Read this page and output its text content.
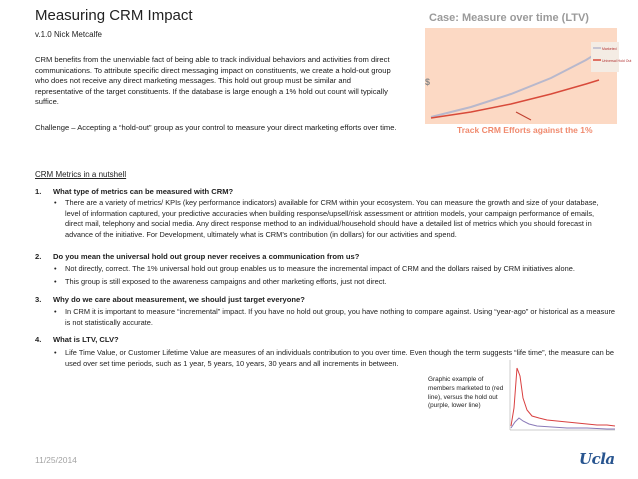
Measuring CRM Impact
v.1.0 Nick Metcalfe
CRM benefits from the unenviable fact of being able to track individual behaviors and activities from direct communications. To attribute specific direct messaging impact on constituents, we create a hold-out group who does not receive any direct marketing messages. This hold out group must be similar and representative of the target constituents. If the database is large enough a 1% hold out count will typically suffice.
Challenge – Accepting a “hold-out” group as your control to measure your direct marketing efforts over time.
Marketed
Universal Hold Out
$
Case: Measure over time (LTV)
Track CRM Efforts against the 1%
CRM Metrics in a nutshell
1. What type of metrics can be measured with CRM?
• There are a variety of metrics/ KPIs (key performance indicators) available for CRM within your ecosystem. You can measure the growth and size of your database, level of information captured, your predictive accuracies when building response/upsell/risk assessment or attrition models, your campaign performance of emails, direct mail, telephony and social media. Any direct response method to an individual/household should have a detailed list of metrics which you should forecast in advance of the initiative. For Development, ultimately what is CRM’s contribution (in dollars) for our activities and spend.
2. Do you mean the universal hold out group never receives a communication from us?
• Not directly, correct. The 1% universal hold out group enables us to measure the incremental impact of CRM and the dollars raised by CRM initiatives alone.
• This group is still exposed to the awareness campaigns and other marketing efforts, just not direct.
3. Why do we care about measurement, we should just target everyone?
• In CRM it is important to measure “incremental” impact. If you have no hold out group, you have nothing to compare against. Using “year-ago” or historical as a measure is not statistically accurate.
4. What is LTV, CLV?
• Life Time Value, or Customer Lifetime Value are measures of an individuals contribution to you over time. Even though the term suggests “life time”, the measure can be used over set time periods, such as 1 year, 5 years, 10 years, 30 years and all increments in between.
Graphic example of members marketed to (red line), versus the hold out (purple, lower line)
11/25/2014	Ucla
